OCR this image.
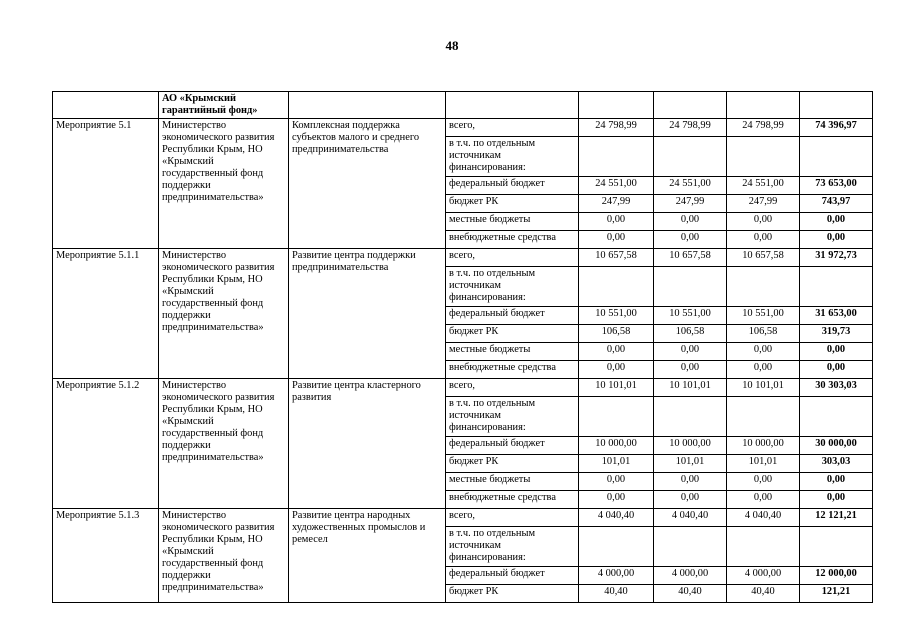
48
	АО «Крымский гарантийный фонд»						
Мероприятие 5.1	Министерство экономического развития Республики Крым, НО «Крымский государственный фонд поддержки предпринимательства»	Комплексная поддержка субъектов малого и среднего предпринимательства	всего,	24 798,99	24 798,99	24 798,99	74 396,97
			в т.ч. по отдельным источникам финансирования:				
			федеральный бюджет	24 551,00	24 551,00	24 551,00	73 653,00
			бюджет РК	247,99	247,99	247,99	743,97
			местные бюджеты	0,00	0,00	0,00	0,00
			внебюджетные средства	0,00	0,00	0,00	0,00
Мероприятие 5.1.1	Министерство экономического развития Республики Крым, НО «Крымский государственный фонд поддержки предпринимательства»	Развитие центра поддержки предпринимательства	всего,	10 657,58	10 657,58	10 657,58	31 972,73
			в т.ч. по отдельным источникам финансирования:				
			федеральный бюджет	10 551,00	10 551,00	10 551,00	31 653,00
			бюджет РК	106,58	106,58	106,58	319,73
			местные бюджеты	0,00	0,00	0,00	0,00
			внебюджетные средства	0,00	0,00	0,00	0,00
Мероприятие 5.1.2	Министерство экономического развития Республики Крым, НО «Крымский государственный фонд поддержки предпринимательства»	Развитие центра кластерного развития	всего,	10 101,01	10 101,01	10 101,01	30 303,03
			в т.ч. по отдельным источникам финансирования:				
			федеральный бюджет	10 000,00	10 000,00	10 000,00	30 000,00
			бюджет РК	101,01	101,01	101,01	303,03
			местные бюджеты	0,00	0,00	0,00	0,00
			внебюджетные средства	0,00	0,00	0,00	0,00
Мероприятие 5.1.3	Министерство экономического развития Республики Крым, НО «Крымский государственный фонд поддержки предпринимательства»	Развитие центра народных художественных промыслов и ремесел	всего,	4 040,40	4 040,40	4 040,40	12 121,21
			в т.ч. по отдельным источникам финансирования:				
			федеральный бюджет	4 000,00	4 000,00	4 000,00	12 000,00
			бюджет РК	40,40	40,40	40,40	121,21
